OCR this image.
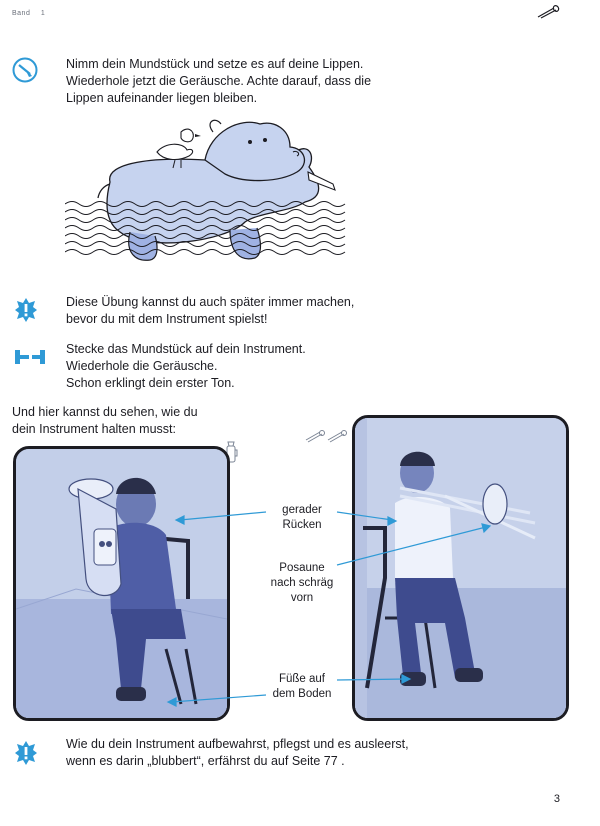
Band 1
Nimm dein Mundstück und setze es auf deine Lippen.
Wiederhole jetzt die Geräusche. Achte darauf, dass die
Lippen aufeinander liegen bleiben.
Diese Übung kannst du auch später immer machen,
bevor du mit dem Instrument spielst!
Stecke das Mundstück auf dein Instrument.
Wiederhole die Geräusche.
Schon erklingt dein erster Ton.
Und hier kannst du sehen, wie du
dein Instrument halten musst:
gerader
Rücken
Posaune
nach schräg
vorn
Füße auf
dem Boden
Wie du dein Instrument aufbewahrst, pflegst und es ausleerst,
wenn es darin „blubbert“, erfährst du auf Seite 77 .
3
